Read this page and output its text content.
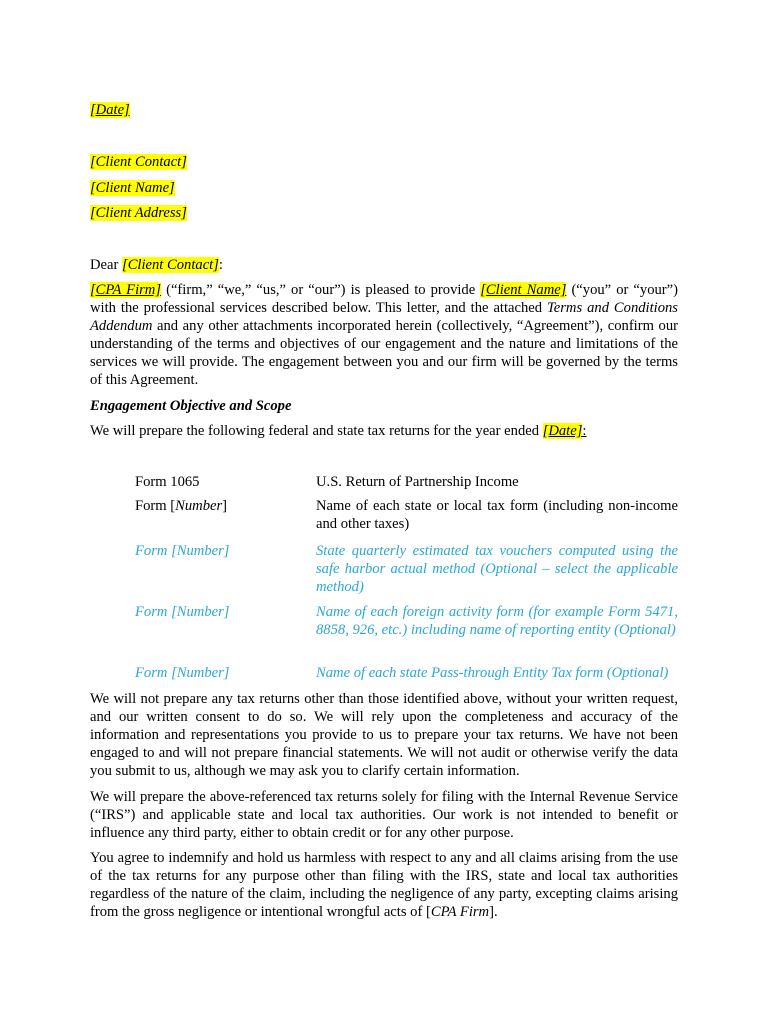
[Date]
[Client Contact]
[Client Name]
[Client Address]
Dear [Client Contact]:
[CPA Firm] (“firm,” “we,” “us,” or “our”) is pleased to provide [Client Name] (“you” or “your”) with the professional services described below. This letter, and the attached Terms and Conditions Addendum and any other attachments incorporated herein (collectively, “Agreement”), confirm our understanding of the terms and objectives of our engagement and the nature and limitations of the services we will provide. The engagement between you and our firm will be governed by the terms of this Agreement.
Engagement Objective and Scope
We will prepare the following federal and state tax returns for the year ended [Date]:
Form 1065	U.S. Return of Partnership Income
Form [Number]	Name of each state or local tax form (including non-income and other taxes)
Form [Number]	State quarterly estimated tax vouchers computed using the safe harbor actual method (Optional – select the applicable method)
Form [Number]	Name of each foreign activity form (for example Form 5471, 8858, 926, etc.) including name of reporting entity (Optional)
Form [Number]	Name of each state Pass-through Entity Tax form (Optional)
We will not prepare any tax returns other than those identified above, without your written request, and our written consent to do so. We will rely upon the completeness and accuracy of the information and representations you provide to us to prepare your tax returns. We have not been engaged to and will not prepare financial statements. We will not audit or otherwise verify the data you submit to us, although we may ask you to clarify certain information.
We will prepare the above-referenced tax returns solely for filing with the Internal Revenue Service (“IRS”) and applicable state and local tax authorities. Our work is not intended to benefit or influence any third party, either to obtain credit or for any other purpose.
You agree to indemnify and hold us harmless with respect to any and all claims arising from the use of the tax returns for any purpose other than filing with the IRS, state and local tax authorities regardless of the nature of the claim, including the negligence of any party, excepting claims arising from the gross negligence or intentional wrongful acts of [CPA Firm].
